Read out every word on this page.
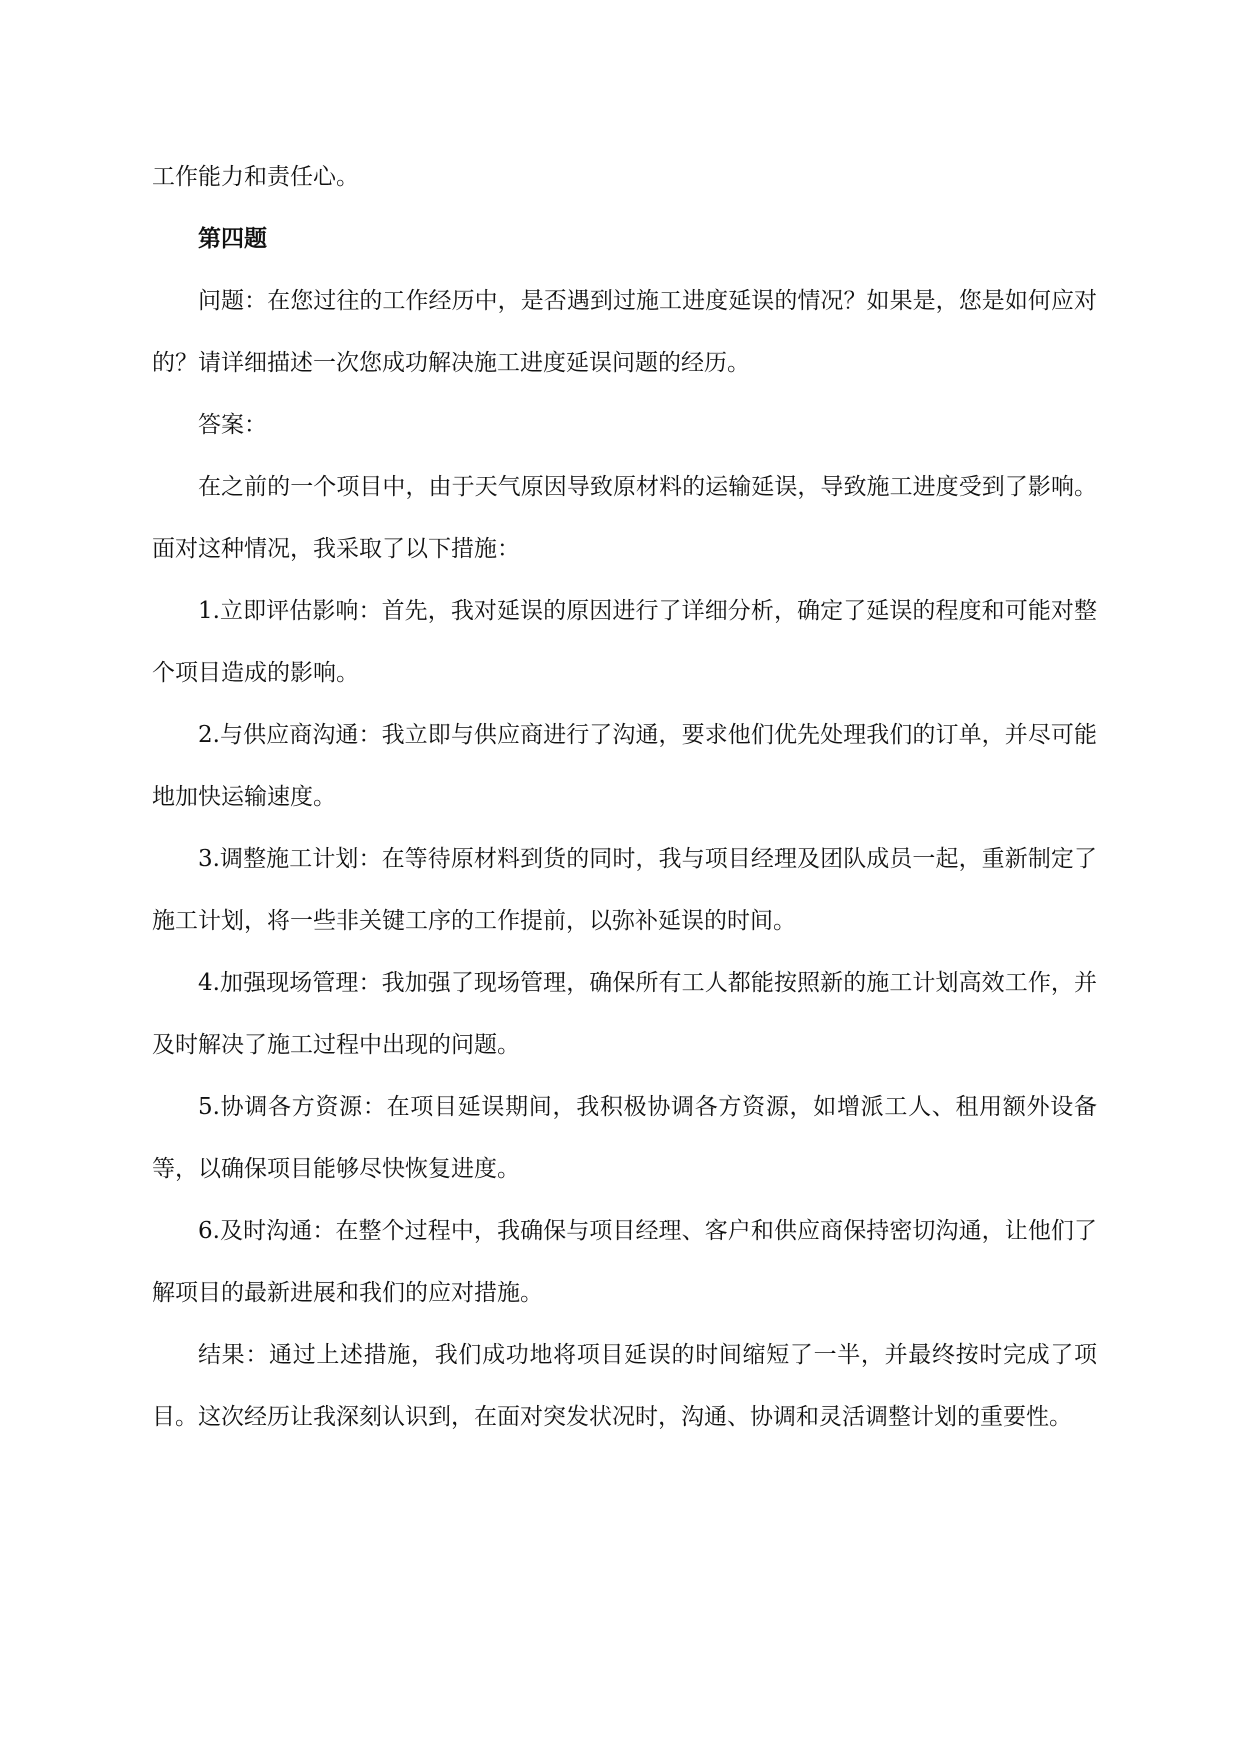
工作能力和责任心。

第四题

问题：在您过往的工作经历中，是否遇到过施工进度延误的情况？如果是，您是如何应对的？请详细描述一次您成功解决施工进度延误问题的经历。

答案：

在之前的一个项目中，由于天气原因导致原材料的运输延误，导致施工进度受到了影响。面对这种情况，我采取了以下措施：

1.立即评估影响：首先，我对延误的原因进行了详细分析，确定了延误的程度和可能对整个项目造成的影响。

2.与供应商沟通：我立即与供应商进行了沟通，要求他们优先处理我们的订单，并尽可能地加快运输速度。

3.调整施工计划：在等待原材料到货的同时，我与项目经理及团队成员一起，重新制定了施工计划，将一些非关键工序的工作提前，以弥补延误的时间。

4.加强现场管理：我加强了现场管理，确保所有工人都能按照新的施工计划高效工作，并及时解决了施工过程中出现的问题。

5.协调各方资源：在项目延误期间，我积极协调各方资源，如增派工人、租用额外设备等，以确保项目能够尽快恢复进度。

6.及时沟通：在整个过程中，我确保与项目经理、客户和供应商保持密切沟通，让他们了解项目的最新进展和我们的应对措施。

结果：通过上述措施，我们成功地将项目延误的时间缩短了一半，并最终按时完成了项目。这次经历让我深刻认识到，在面对突发状况时，沟通、协调和灵活调整计划的重要性。
